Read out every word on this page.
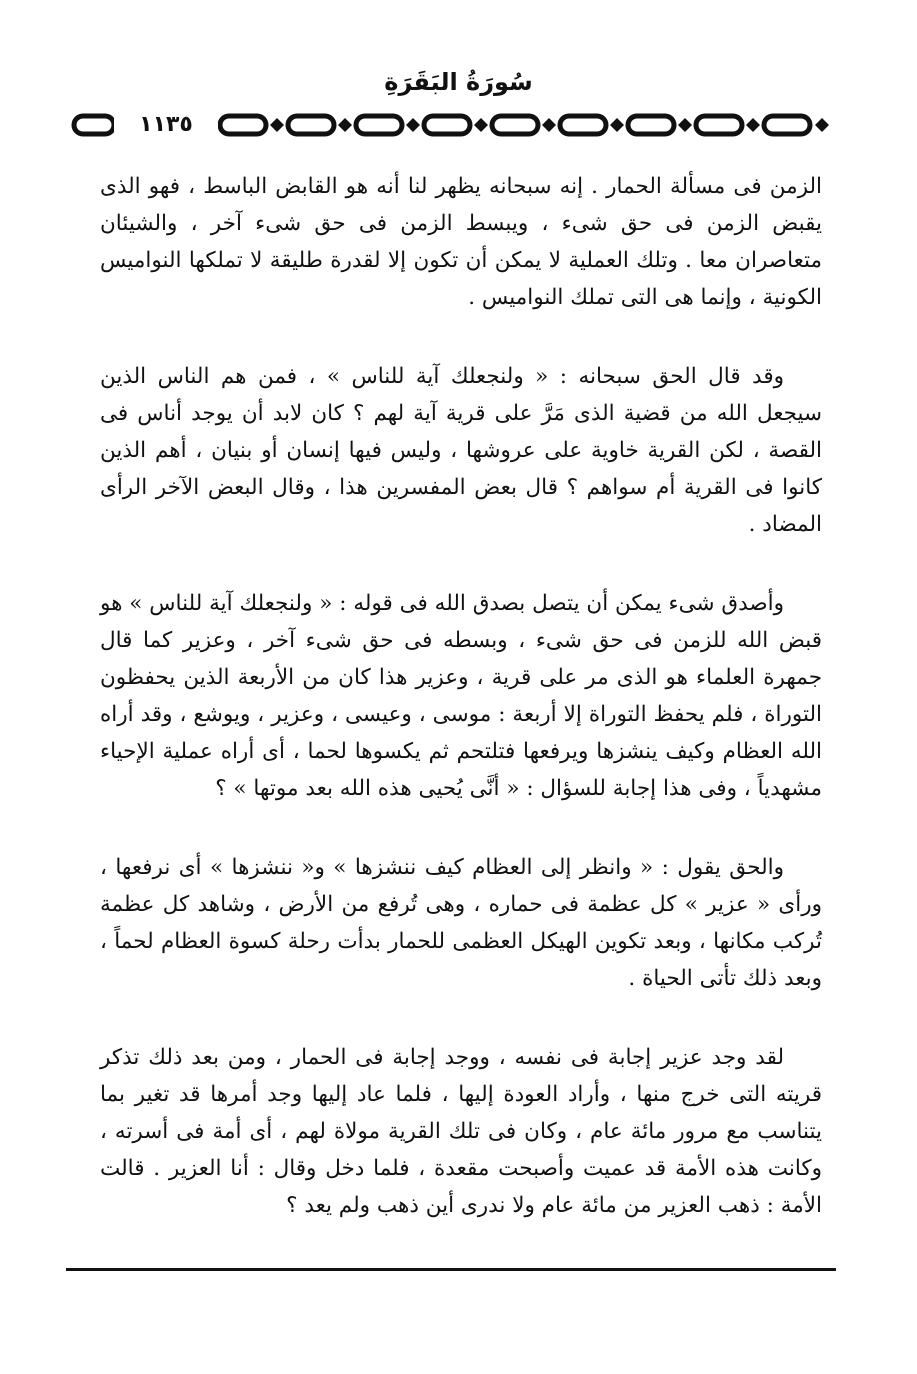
سُورَةُ البَقَرَةِ
١١٣٥

الزمن فى مسألة الحمار . إنه سبحانه يظهر لنا أنه هو القابض الباسط ، فهو الذى يقبض الزمن فى حق شىء ، ويبسط الزمن فى حق شىء آخر ، والشيئان متعاصران معا . وتلك العملية لا يمكن أن تكون إلا لقدرة طليقة لا تملكها النواميس الكونية ، وإنما هى التى تملك النواميس .

وقد قال الحق سبحانه : « ولنجعلك آية للناس » ، فمن هم الناس الذين سيجعل الله من قضية الذى مَرَّ على قرية آية لهم ؟ كان لابد أن يوجد أناس فى القصة ، لكن القرية خاوية على عروشها ، وليس فيها إنسان أو بنيان ، أهم الذين كانوا فى القرية أم سواهم ؟ قال بعض المفسرين هذا ، وقال البعض الآخر الرأى المضاد .

وأصدق شىء يمكن أن يتصل بصدق الله فى قوله : « ولنجعلك آية للناس » هو قبض الله للزمن فى حق شىء ، وبسطه فى حق شىء آخر ، وعزير كما قال جمهرة العلماء هو الذى مر على قرية ، وعزير هذا كان من الأربعة الذين يحفظون التوراة ، فلم يحفظ التوراة إلا أربعة : موسى ، وعيسى ، وعزير ، ويوشع ، وقد أراه الله العظام وكيف ينشزها ويرفعها فتلتحم ثم يكسوها لحما ، أى أراه عملية الإحياء مشهدياً ، وفى هذا إجابة للسؤال : « أنَّى يُحيى هذه الله بعد موتها » ؟

والحق يقول : « وانظر إلى العظام كيف ننشزها » و« ننشزها » أى نرفعها ، ورأى « عزير » كل عظمة فى حماره ، وهى تُرفع من الأرض ، وشاهد كل عظمة تُركب مكانها ، وبعد تكوين الهيكل العظمى للحمار بدأت رحلة كسوة العظام لحماً ، وبعد ذلك تأتى الحياة .

لقد وجد عزير إجابة فى نفسه ، ووجد إجابة فى الحمار ، ومن بعد ذلك تذكر قريته التى خرج منها ، وأراد العودة إليها ، فلما عاد إليها وجد أمرها قد تغير بما يتناسب مع مرور مائة عام ، وكان فى تلك القرية مولاة لهم ، أى أمة فى أسرته ، وكانت هذه الأمة قد عميت وأصبحت مقعدة ، فلما دخل وقال : أنا العزير . قالت الأمة : ذهب العزير من مائة عام ولا ندرى أين ذهب ولم يعد ؟
